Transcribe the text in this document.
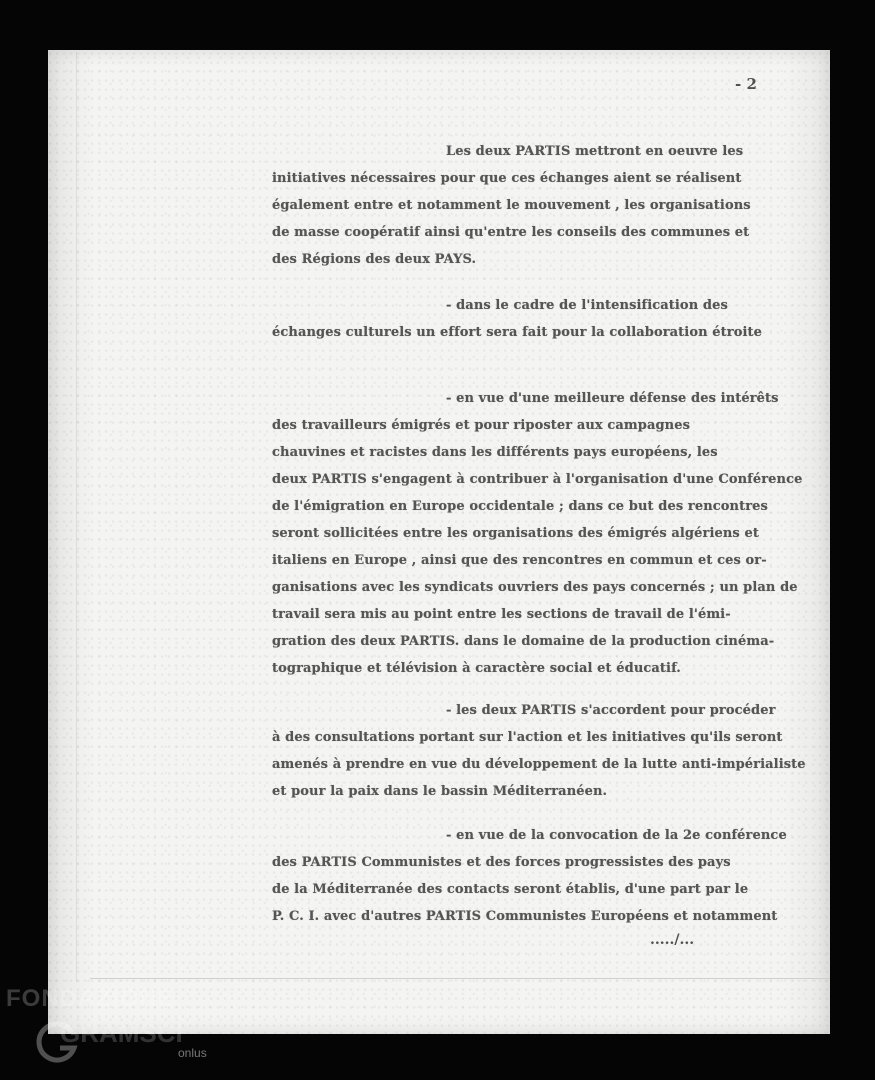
- 2
Les deux PARTIS mettront en oeuvre les
initiatives nécessaires pour que ces échanges aient se réalisent
également entre et notamment le mouvement , les organisations
de masse coopératif ainsi qu'entre les conseils des communes et
des Régions des deux PAYS.
- dans le cadre de l'intensification des
échanges culturels un effort sera fait pour la collaboration étroite
- en vue d'une meilleure défense des intérêts
des travailleurs émigrés et pour riposter aux campagnes
chauvines et racistes dans les différents pays européens, les
deux PARTIS s'engagent à contribuer à l'organisation d'une Conférence
de l'émigration en Europe occidentale ; dans ce but des rencontres
seront sollicitées entre les organisations des émigrés algériens et
italiens en Europe , ainsi que des rencontres en commun et ces or-
ganisations avec les syndicats ouvriers des pays concernés ; un plan de
travail sera mis au point entre les sections de travail de l'émi-
gration des deux PARTIS. dans le domaine de la production cinéma-
tographique et télévision à caractère social et éducatif.
- les deux PARTIS s'accordent pour procéder
à des consultations portant sur l'action et les initiatives qu'ils seront
amenés à prendre en vue du développement de la lutte anti-impérialiste
et pour la paix dans le bassin Méditerranéen.
- en vue de la convocation de la 2e conférence
des PARTIS Communistes et des forces progressistes des pays
de la Méditerranée des contacts seront établis, d'une part par le
P. C. I. avec d'autres PARTIS Communistes Européens et notamment
...../...
FONDAZIONE
GRAMSCI
onlus
